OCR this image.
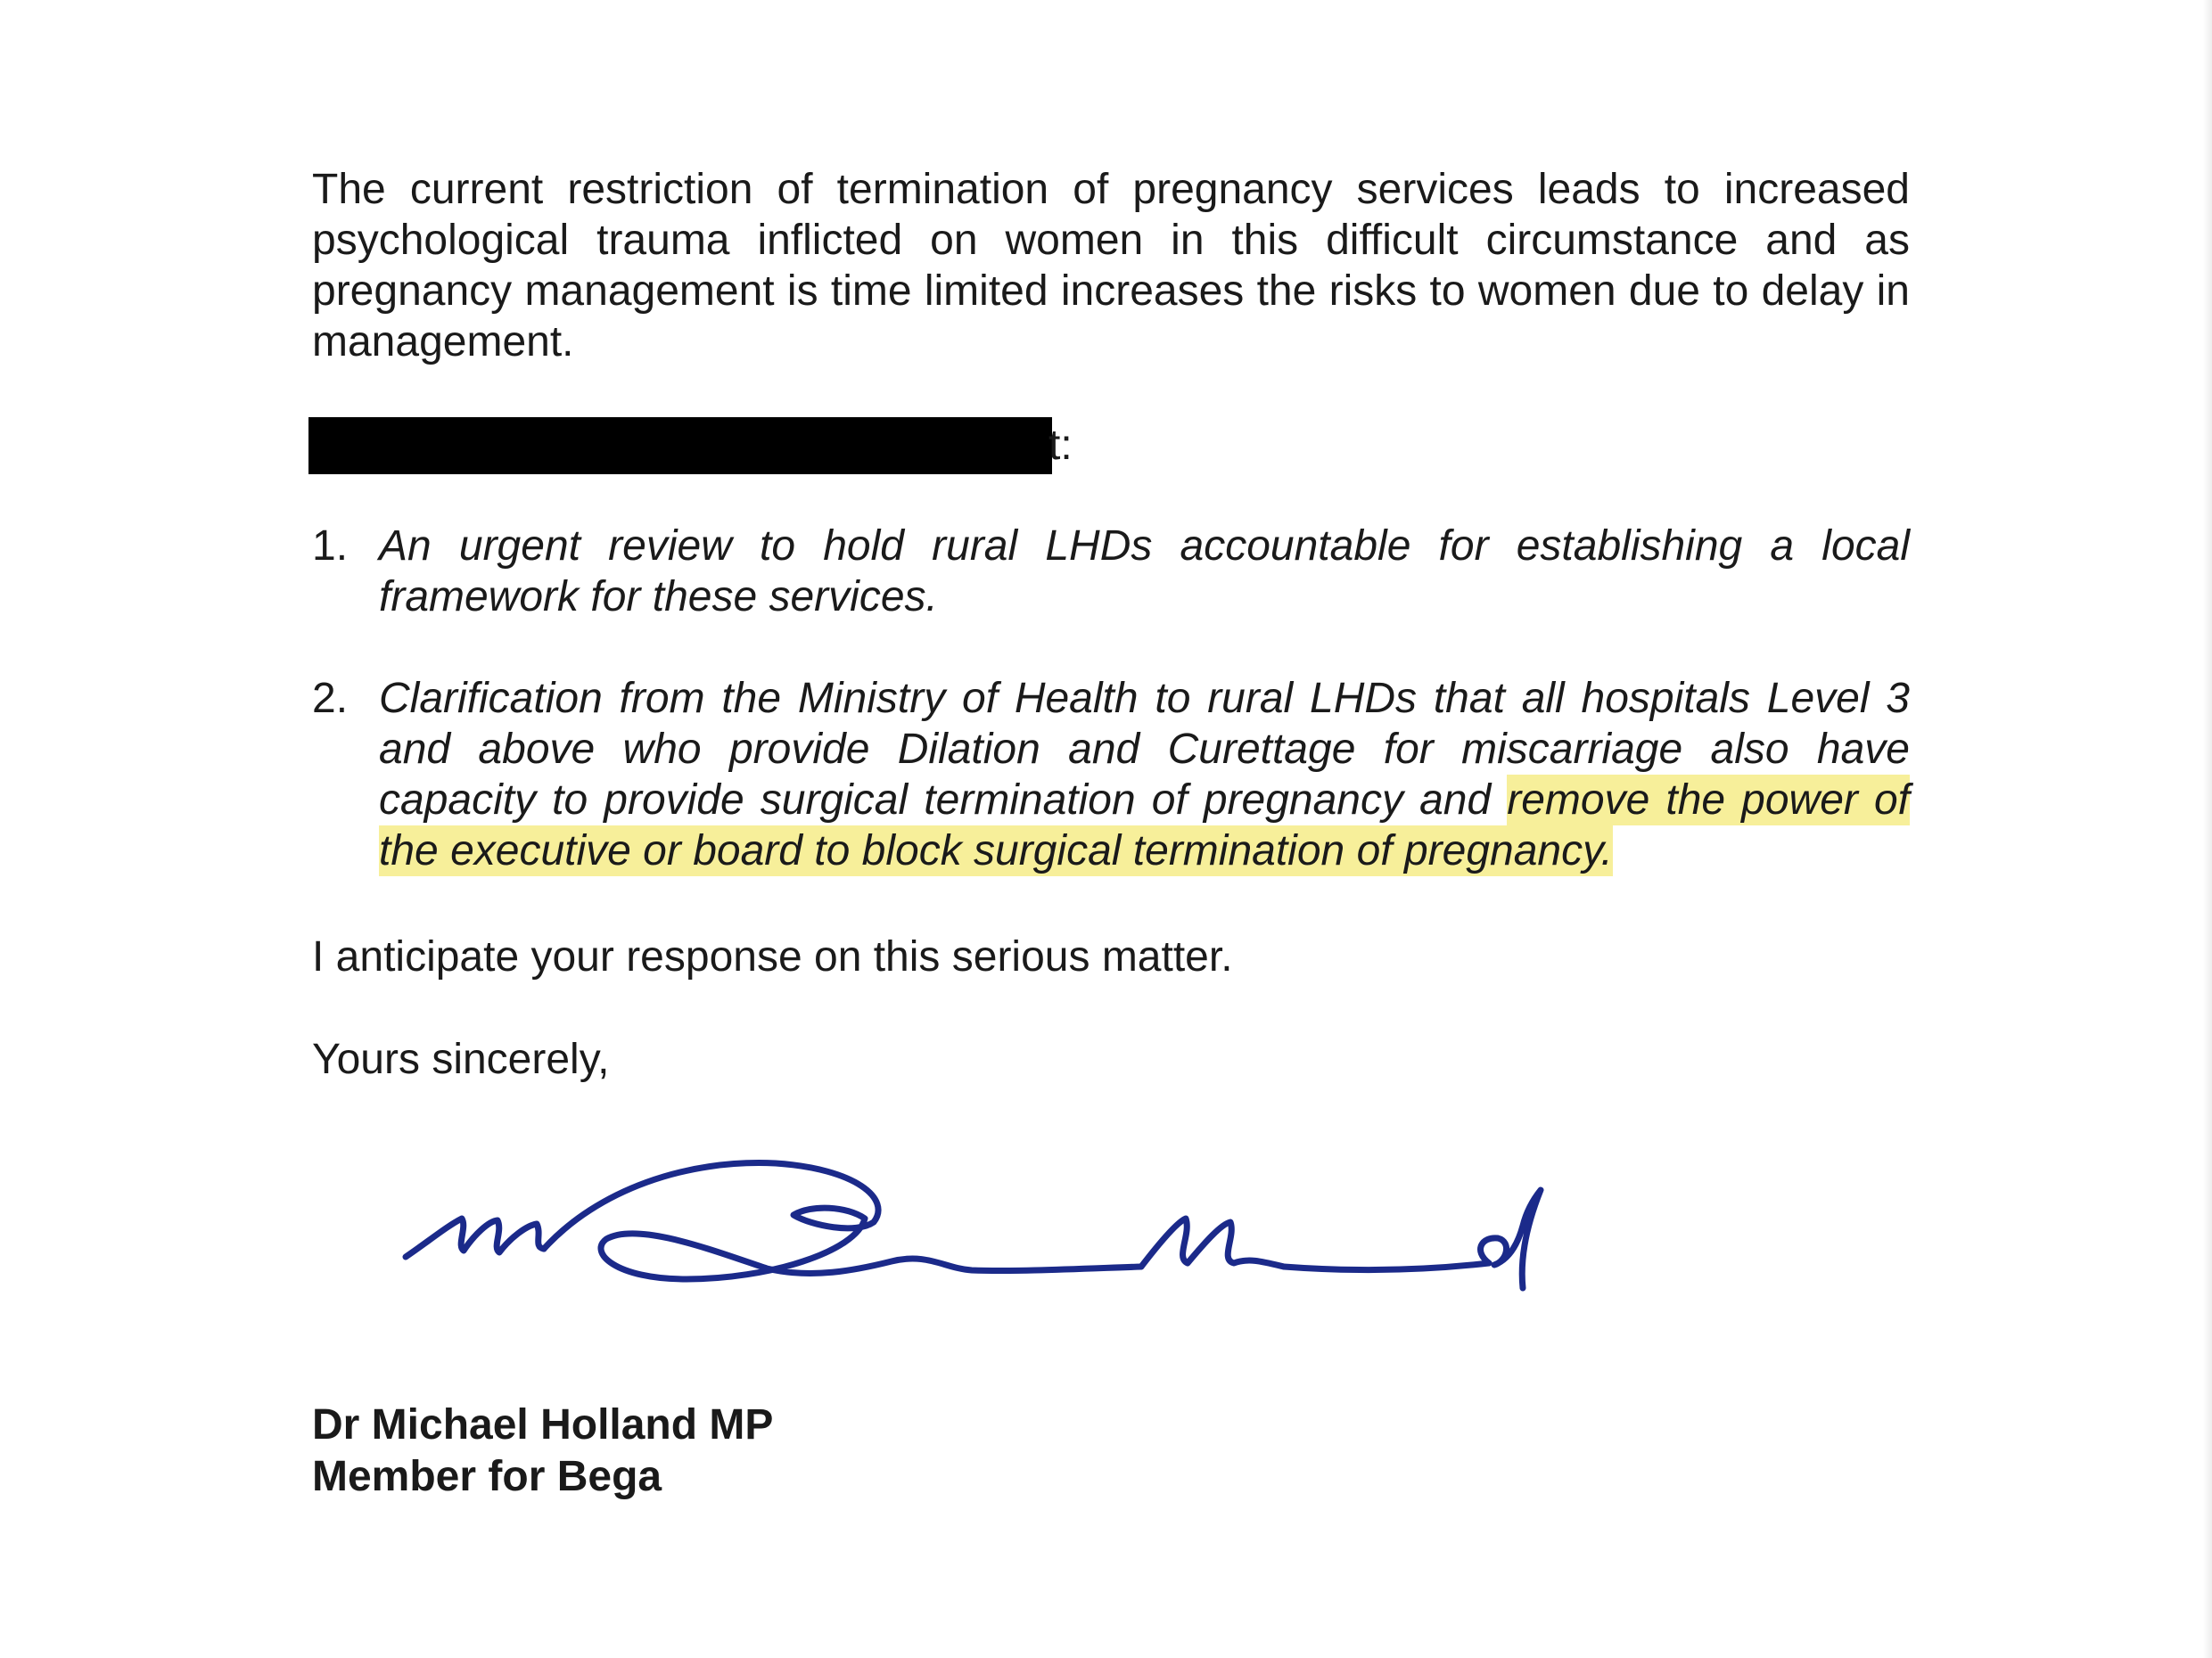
The current restriction of termination of pregnancy services leads to increased psychological trauma inflicted on women in this difficult circumstance and as pregnancy management is time limited increases the risks to women due to delay in management.

t:
1. An urgent review to hold rural LHDs accountable for establishing a local framework for these services.
2. Clarification from the Ministry of Health to rural LHDs that all hospitals Level 3 and above who provide Dilation and Curettage for miscarriage also have capacity to provide surgical termination of pregnancy and remove the power of the executive or board to block surgical termination of pregnancy.

I anticipate your response on this serious matter.

Yours sincerely,

Dr Michael Holland MP
Member for Bega
